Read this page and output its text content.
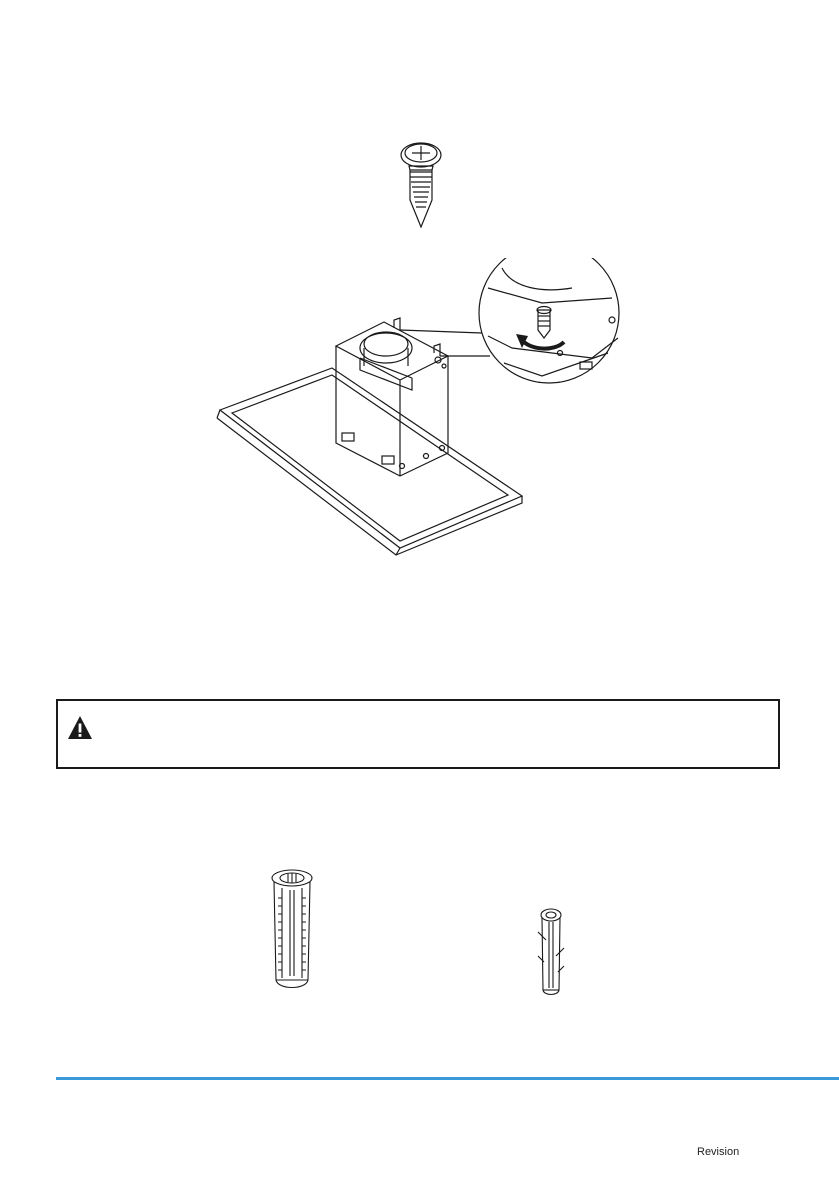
Revision
